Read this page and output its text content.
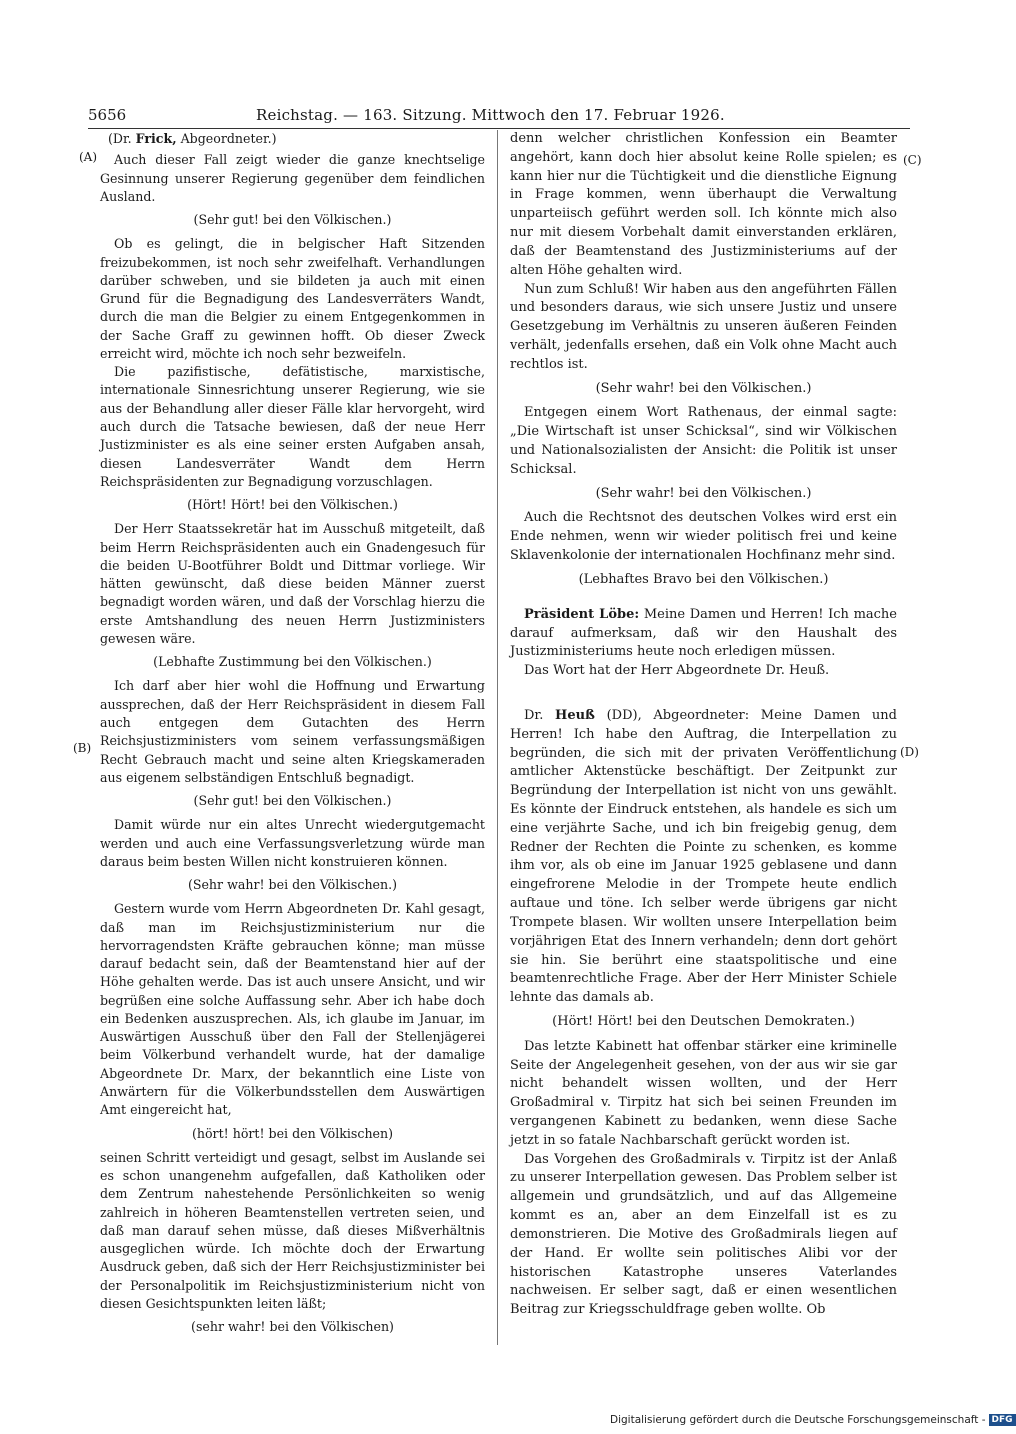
5656	Reichstag. — 163. Sitzung. Mittwoch den 17. Februar 1926.
(A)
(B)
(C)
(D)

(Dr. Frick, Abgeordneter.)

Auch dieser Fall zeigt wieder die ganze knechtselige Gesinnung unserer Regierung gegenüber dem feindlichen Ausland.

(Sehr gut! bei den Völkischen.)

Ob es gelingt, die in belgischer Haft Sitzenden freizubekommen, ist noch sehr zweifelhaft. Verhandlungen darüber schweben, und sie bildeten ja auch mit einen Grund für die Begnadigung des Landesverräters Wandt, durch die man die Belgier zu einem Entgegenkommen in der Sache Graff zu gewinnen hofft. Ob dieser Zweck erreicht wird, möchte ich noch sehr bezweifeln.

Die pazifistische, defätistische, marxistische, internationale Sinnesrichtung unserer Regierung, wie sie aus der Behandlung aller dieser Fälle klar hervorgeht, wird auch durch die Tatsache bewiesen, daß der neue Herr Justizminister es als eine seiner ersten Aufgaben ansah, diesen Landesverräter Wandt dem Herrn Reichspräsidenten zur Begnadigung vorzuschlagen.

(Hört! Hört! bei den Völkischen.)

Der Herr Staatssekretär hat im Ausschuß mitgeteilt, daß beim Herrn Reichspräsidenten auch ein Gnadengesuch für die beiden U-Bootführer Boldt und Dittmar vorliege. Wir hätten gewünscht, daß diese beiden Männer zuerst begnadigt worden wären, und daß der Vorschlag hierzu die erste Amtshandlung des neuen Herrn Justizministers gewesen wäre.

(Lebhafte Zustimmung bei den Völkischen.)

Ich darf aber hier wohl die Hoffnung und Erwartung aussprechen, daß der Herr Reichspräsident in diesem Fall auch entgegen dem Gutachten des Herrn Reichsjustizministers vom seinem verfassungsmäßigen Recht Gebrauch macht und seine alten Kriegskameraden aus eigenem selbständigen Entschluß begnadigt.

(Sehr gut! bei den Völkischen.)

Damit würde nur ein altes Unrecht wiedergutgemacht werden und auch eine Verfassungsverletzung würde man daraus beim besten Willen nicht konstruieren können.

(Sehr wahr! bei den Völkischen.)

Gestern wurde vom Herrn Abgeordneten Dr. Kahl gesagt, daß man im Reichsjustizministerium nur die hervorragendsten Kräfte gebrauchen könne; man müsse darauf bedacht sein, daß der Beamtenstand hier auf der Höhe gehalten werde. Das ist auch unsere Ansicht, und wir begrüßen eine solche Auffassung sehr. Aber ich habe doch ein Bedenken auszusprechen. Als, ich glaube im Januar, im Auswärtigen Ausschuß über den Fall der Stellenjägerei beim Völkerbund verhandelt wurde, hat der damalige Abgeordnete Dr. Marx, der bekanntlich eine Liste von Anwärtern für die Völkerbundsstellen dem Auswärtigen Amt eingereicht hat,

(hört! hört! bei den Völkischen)

seinen Schritt verteidigt und gesagt, selbst im Auslande sei es schon unangenehm aufgefallen, daß Katholiken oder dem Zentrum nahestehende Persönlichkeiten so wenig zahlreich in höheren Beamtenstellen vertreten seien, und daß man darauf sehen müsse, daß dieses Mißverhältnis ausgeglichen würde. Ich möchte doch der Erwartung Ausdruck geben, daß sich der Herr Reichsjustizminister bei der Personalpolitik im Reichsjustizministerium nicht von diesen Gesichtspunkten leiten läßt;

(sehr wahr! bei den Völkischen)

denn welcher christlichen Konfession ein Beamter angehört, kann doch hier absolut keine Rolle spielen; es kann hier nur die Tüchtigkeit und die dienstliche Eignung in Frage kommen, wenn überhaupt die Verwaltung unparteiisch geführt werden soll. Ich könnte mich also nur mit diesem Vorbehalt damit einverstanden erklären, daß der Beamtenstand des Justizministeriums auf der alten Höhe gehalten wird.

Nun zum Schluß! Wir haben aus den angeführten Fällen und besonders daraus, wie sich unsere Justiz und unsere Gesetzgebung im Verhältnis zu unseren äußeren Feinden verhält, jedenfalls ersehen, daß ein Volk ohne Macht auch rechtlos ist.

(Sehr wahr! bei den Völkischen.)

Entgegen einem Wort Rathenaus, der einmal sagte: „Die Wirtschaft ist unser Schicksal“, sind wir Völkischen und Nationalsozialisten der Ansicht: die Politik ist unser Schicksal.

(Sehr wahr! bei den Völkischen.)

Auch die Rechtsnot des deutschen Volkes wird erst ein Ende nehmen, wenn wir wieder politisch frei und keine Sklavenkolonie der internationalen Hochfinanz mehr sind.

(Lebhaftes Bravo bei den Völkischen.)

Präsident Löbe: Meine Damen und Herren! Ich mache darauf aufmerksam, daß wir den Haushalt des Justizministeriums heute noch erledigen müssen.

Das Wort hat der Herr Abgeordnete Dr. Heuß.

Dr. Heuß (DD), Abgeordneter: Meine Damen und Herren! Ich habe den Auftrag, die Interpellation zu begründen, die sich mit der privaten Veröffentlichung amtlicher Aktenstücke beschäftigt. Der Zeitpunkt zur Begründung der Interpellation ist nicht von uns gewählt. Es könnte der Eindruck entstehen, als handele es sich um eine verjährte Sache, und ich bin freigebig genug, dem Redner der Rechten die Pointe zu schenken, es komme ihm vor, als ob eine im Januar 1925 geblasene und dann eingefrorene Melodie in der Trompete heute endlich auftaue und töne. Ich selber werde übrigens gar nicht Trompete blasen. Wir wollten unsere Interpellation beim vorjährigen Etat des Innern verhandeln; denn dort gehört sie hin. Sie berührt eine staatspolitische und eine beamtenrechtliche Frage. Aber der Herr Minister Schiele lehnte das damals ab.

(Hört! Hört! bei den Deutschen Demokraten.)

Das letzte Kabinett hat offenbar stärker eine kriminelle Seite der Angelegenheit gesehen, von der aus wir sie gar nicht behandelt wissen wollten, und der Herr Großadmiral v. Tirpitz hat sich bei seinen Freunden im vergangenen Kabinett zu bedanken, wenn diese Sache jetzt in so fatale Nachbarschaft gerückt worden ist.

Das Vorgehen des Großadmirals v. Tirpitz ist der Anlaß zu unserer Interpellation gewesen. Das Problem selber ist allgemein und grundsätzlich, und auf das Allgemeine kommt es an, aber an dem Einzelfall ist es zu demonstrieren. Die Motive des Großadmirals liegen auf der Hand. Er wollte sein politisches Alibi vor der historischen Katastrophe unseres Vaterlandes nachweisen. Er selber sagt, daß er einen wesentlichen Beitrag zur Kriegsschuldfrage geben wollte. Ob

Digitalisierung gefördert durch die Deutsche Forschungsgemeinschaft - DFG
